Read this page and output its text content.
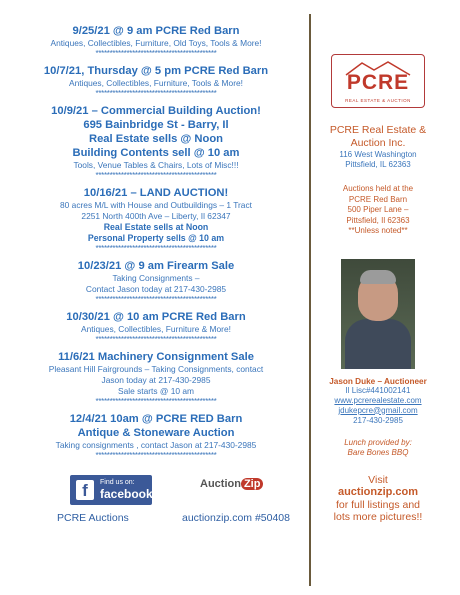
9/25/21 @ 9 am PCRE Red Barn
Antiques, Collectibles, Furniture, Old Toys, Tools & More!
*******************************************
10/7/21, Thursday @ 5 pm PCRE Red Barn
Antiques, Collectibles, Furniture, Tools & More!
*******************************************
10/9/21 – Commercial Building Auction!
695 Bainbridge St - Barry, Il
Real Estate sells @ Noon
Building Contents sell @ 10 am
Tools, Venue Tables & Chairs, Lots of Misc!!!
*******************************************
10/16/21 – LAND AUCTION!
80 acres M/L with House and Outbuildings – 1 Tract
2251 North 400th Ave – Liberty, Il 62347
Real Estate sells at Noon
Personal Property sells @ 10 am
*******************************************
10/23/21 @ 9 am Firearm Sale
Taking Consignments –
Contact Jason today at 217-430-2985
*******************************************
10/30/21 @ 10 am PCRE Red Barn
Antiques, Collectibles, Furniture & More!
*******************************************
11/6/21 Machinery Consignment Sale
Pleasant Hill Fairgrounds – Taking Consignments, contact
Jason today at 217-430-2985
Sale starts @ 10 am
*******************************************
12/4/21 10am @ PCRE RED Barn
Antique & Stoneware Auction
Taking consignments , contact Jason at 217-430-2985
*******************************************
PCRE
REAL ESTATE & AUCTION
PCRE Real Estate &
Auction Inc.
116 West Washington
Pittsfield, IL 62363
Auctions held at the
PCRE Red Barn
500 Piper Lane –
Pittsfield, Il 62363
**Unless noted**
Jason Duke – Auctioneer
Il Lisc#441002141
www.pcrerealestate.com
jdukepcre@gmail.com
217-430-2985
Lunch provided by:
Bare Bones BBQ
Visit
auctionzip.com
for full listings and
lots more pictures!!
f	Find us on:
facebook.
Auction Zip
PCRE Auctions	auctionzip.com #50408
